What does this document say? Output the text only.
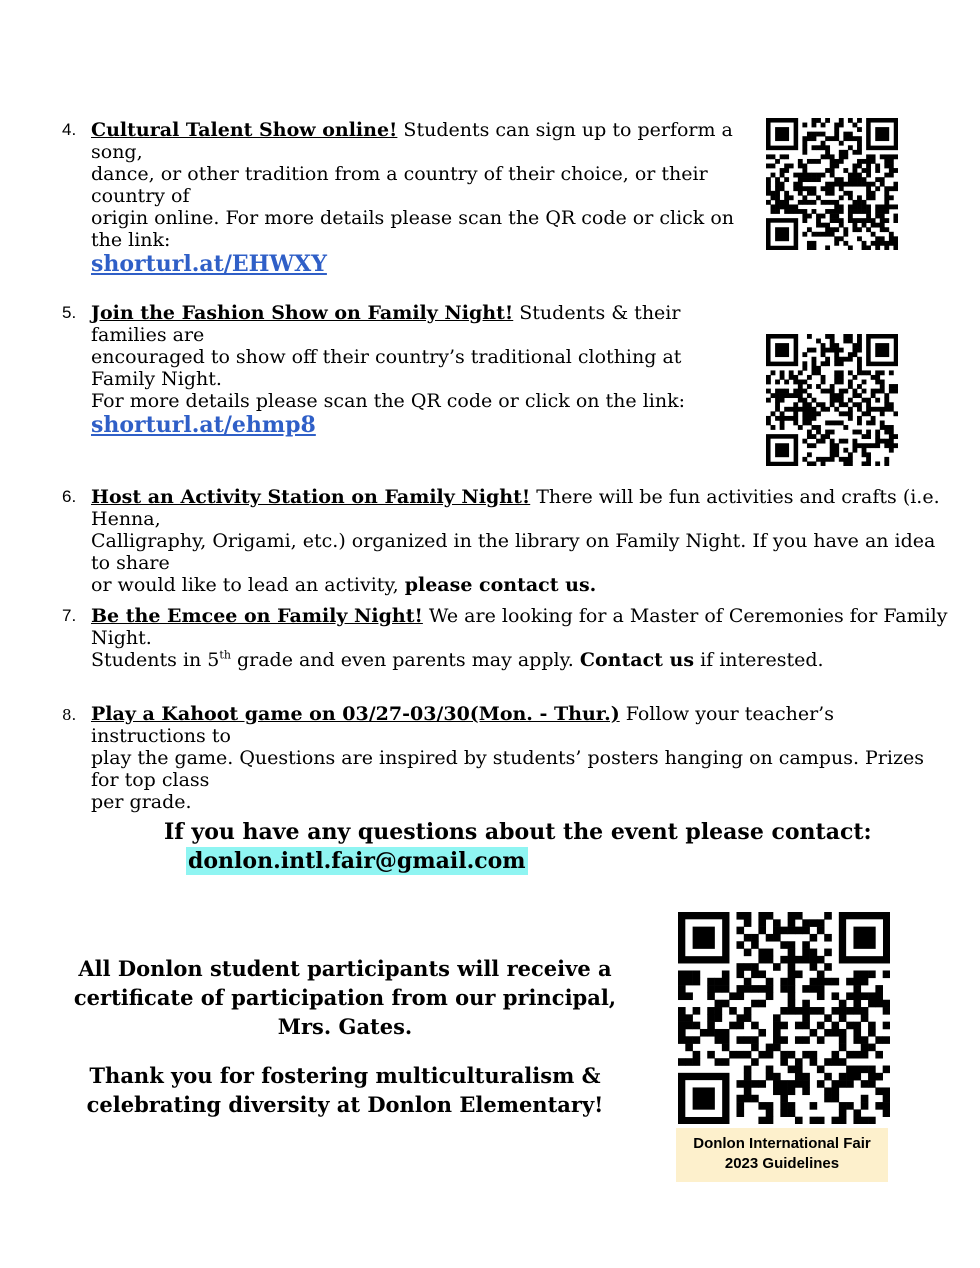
4. Cultural Talent Show online! Students can sign up to perform a song,
dance, or other tradition from a country of their choice, or their country of
origin online. For more details please scan the QR code or click on the link:
shorturl.at/EHWXY
5. Join the Fashion Show on Family Night! Students & their families are
encouraged to show off their country’s traditional clothing at Family Night.
For more details please scan the QR code or click on the link:
shorturl.at/ehmp8
6. Host an Activity Station on Family Night! There will be fun activities and crafts (i.e. Henna,
Calligraphy, Origami, etc.) organized in the library on Family Night. If you have an idea to share
or would like to lead an activity, please contact us.
7. Be the Emcee on Family Night! We are looking for a Master of Ceremonies for Family Night.
Students in 5th grade and even parents may apply. Contact us if interested.
8. Play a Kahoot game on 03/27-03/30(Mon. - Thur.) Follow your teacher’s instructions to
play the game. Questions are inspired by students’ posters hanging on campus. Prizes for top class
per grade.
If you have any questions about the event please contact:
donlon.intl.fair@gmail.com
All Donlon student participants will receive a
certificate of participation from our principal,
Mrs. Gates.
Thank you for fostering multiculturalism &
celebrating diversity at Donlon Elementary!
Donlon International Fair
2023 Guidelines
